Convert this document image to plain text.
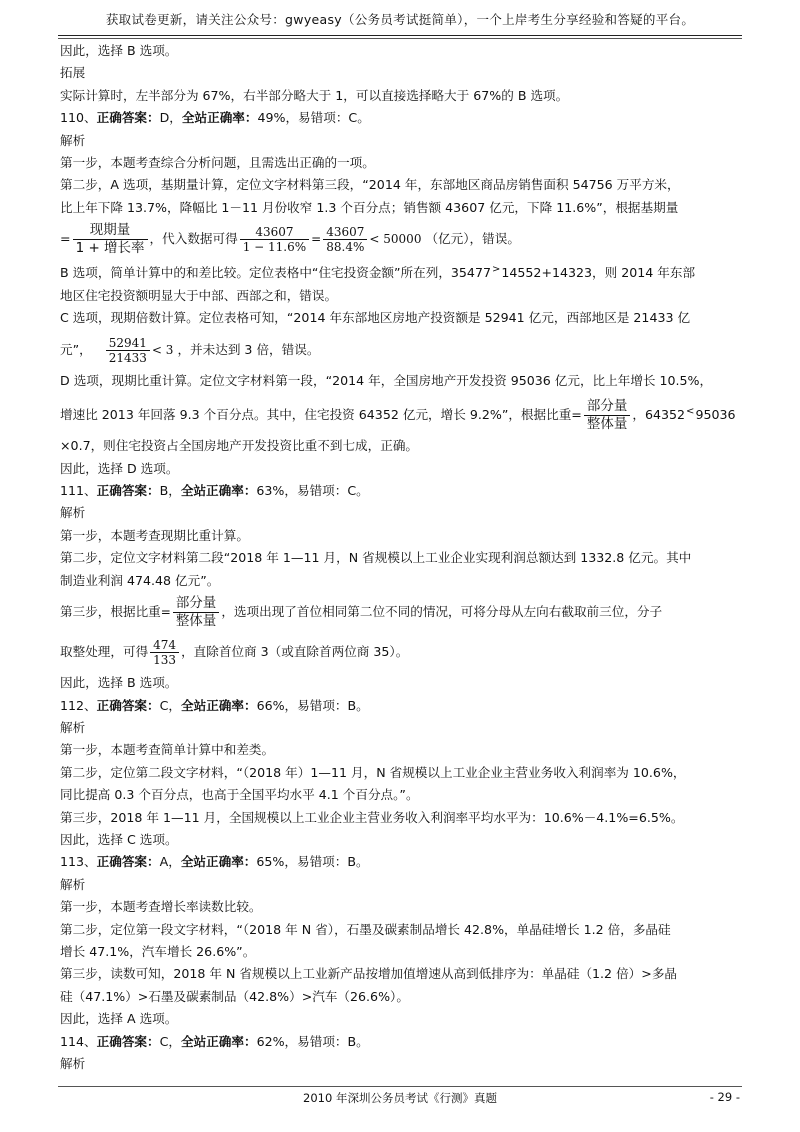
获取试卷更新，请关注公众号：gwyeasy（公务员考试挺简单），一个上岸考生分享经验和答疑的平台。

因此，选择 B 选项。

拓展

实际计算时，左半部分为 67%，右半部分略大于 1，可以直接选择略大于 67%的 B 选项。

110、正确答案：D，全站正确率：49%，易错项：C。

解析

第一步，本题考查综合分析问题，且需选出正确的一项。

第二步，A 选项，基期量计算，定位文字材料第三段，“2014 年，东部地区商品房销售面积 54756 万平方米，

比上年下降 13.7%，降幅比 1－11 月份收窄 1.3 个百分点；销售额 43607 亿元，下降 11.6%”，根据基期量

= $\frac{\text{现期量}}{\text{1 + 增长率}}$ ，代入数据可得 $\frac{43607}{1 - 11.6\%} = \frac{43607}{88.4\%} < 50000$ （亿元），错误。

B 选项，简单计算中的和差比较。定位表格中“住宅投资金额”所在列，35477>14552+14323，则 2014 年东部

地区住宅投资额明显大于中部、西部之和，错误。

C 选项，现期倍数计算。定位表格可知，“2014 年东部地区房地产投资额是 52941 亿元，西部地区是 21433 亿

元”， $\frac{52941}{21433} < 3$ ，并未达到 3 倍，错误。

D 选项，现期比重计算。定位文字材料第一段，“2014 年，全国房地产开发投资 95036 亿元，比上年增长 10.5%，

增速比 2013 年回落 9.3 个百分点。其中，住宅投资 64352 亿元，增长 9.2%”，根据比重= $\frac{\text{部分量}}{\text{整体量}}$ ，64352<95036

×0.7，则住宅投资占全国房地产开发投资比重不到七成，正确。

因此，选择 D 选项。

111、正确答案：B，全站正确率：63%，易错项：C。

解析

第一步，本题考查现期比重计算。

第二步，定位文字材料第二段“2018 年 1—11 月，N 省规模以上工业企业实现利润总额达到 1332.8 亿元。其中

制造业利润 474.48 亿元”。

第三步，根据比重= $\frac{\text{部分量}}{\text{整体量}}$ ，选项出现了首位相同第二位不同的情况，可将分母从左向右截取前三位，分子

取整处理，可得 $\frac{474}{133}$ ，直除首位商 3（或直除首两位商 35）。

因此，选择 B 选项。

112、正确答案：C，全站正确率：66%，易错项：B。

解析

第一步，本题考查简单计算中和差类。

第二步，定位第二段文字材料，“（2018 年）1—11 月，N 省规模以上工业企业主营业务收入利润率为 10.6%，

同比提高 0.3 个百分点，也高于全国平均水平 4.1 个百分点。”。

第三步，2018 年 1—11 月，全国规模以上工业企业主营业务收入利润率平均水平为：10.6%－4.1%=6.5%。

因此，选择 C 选项。

113、正确答案：A，全站正确率：65%，易错项：B。

解析

第一步，本题考查增长率读数比较。

第二步，定位第一段文字材料，“（2018 年 N 省），石墨及碳素制品增长 42.8%，单晶硅增长 1.2 倍，多晶硅

增长 47.1%，汽车增长 26.6%”。

第三步，读数可知，2018 年 N 省规模以上工业新产品按增加值增速从高到低排序为：单晶硅（1.2 倍）>多晶

硅（47.1%）>石墨及碳素制品（42.8%）>汽车（26.6%）。

因此，选择 A 选项。

114、正确答案：C，全站正确率：62%，易错项：B。

解析

2010 年深圳公务员考试《行测》真题	- 29 -
